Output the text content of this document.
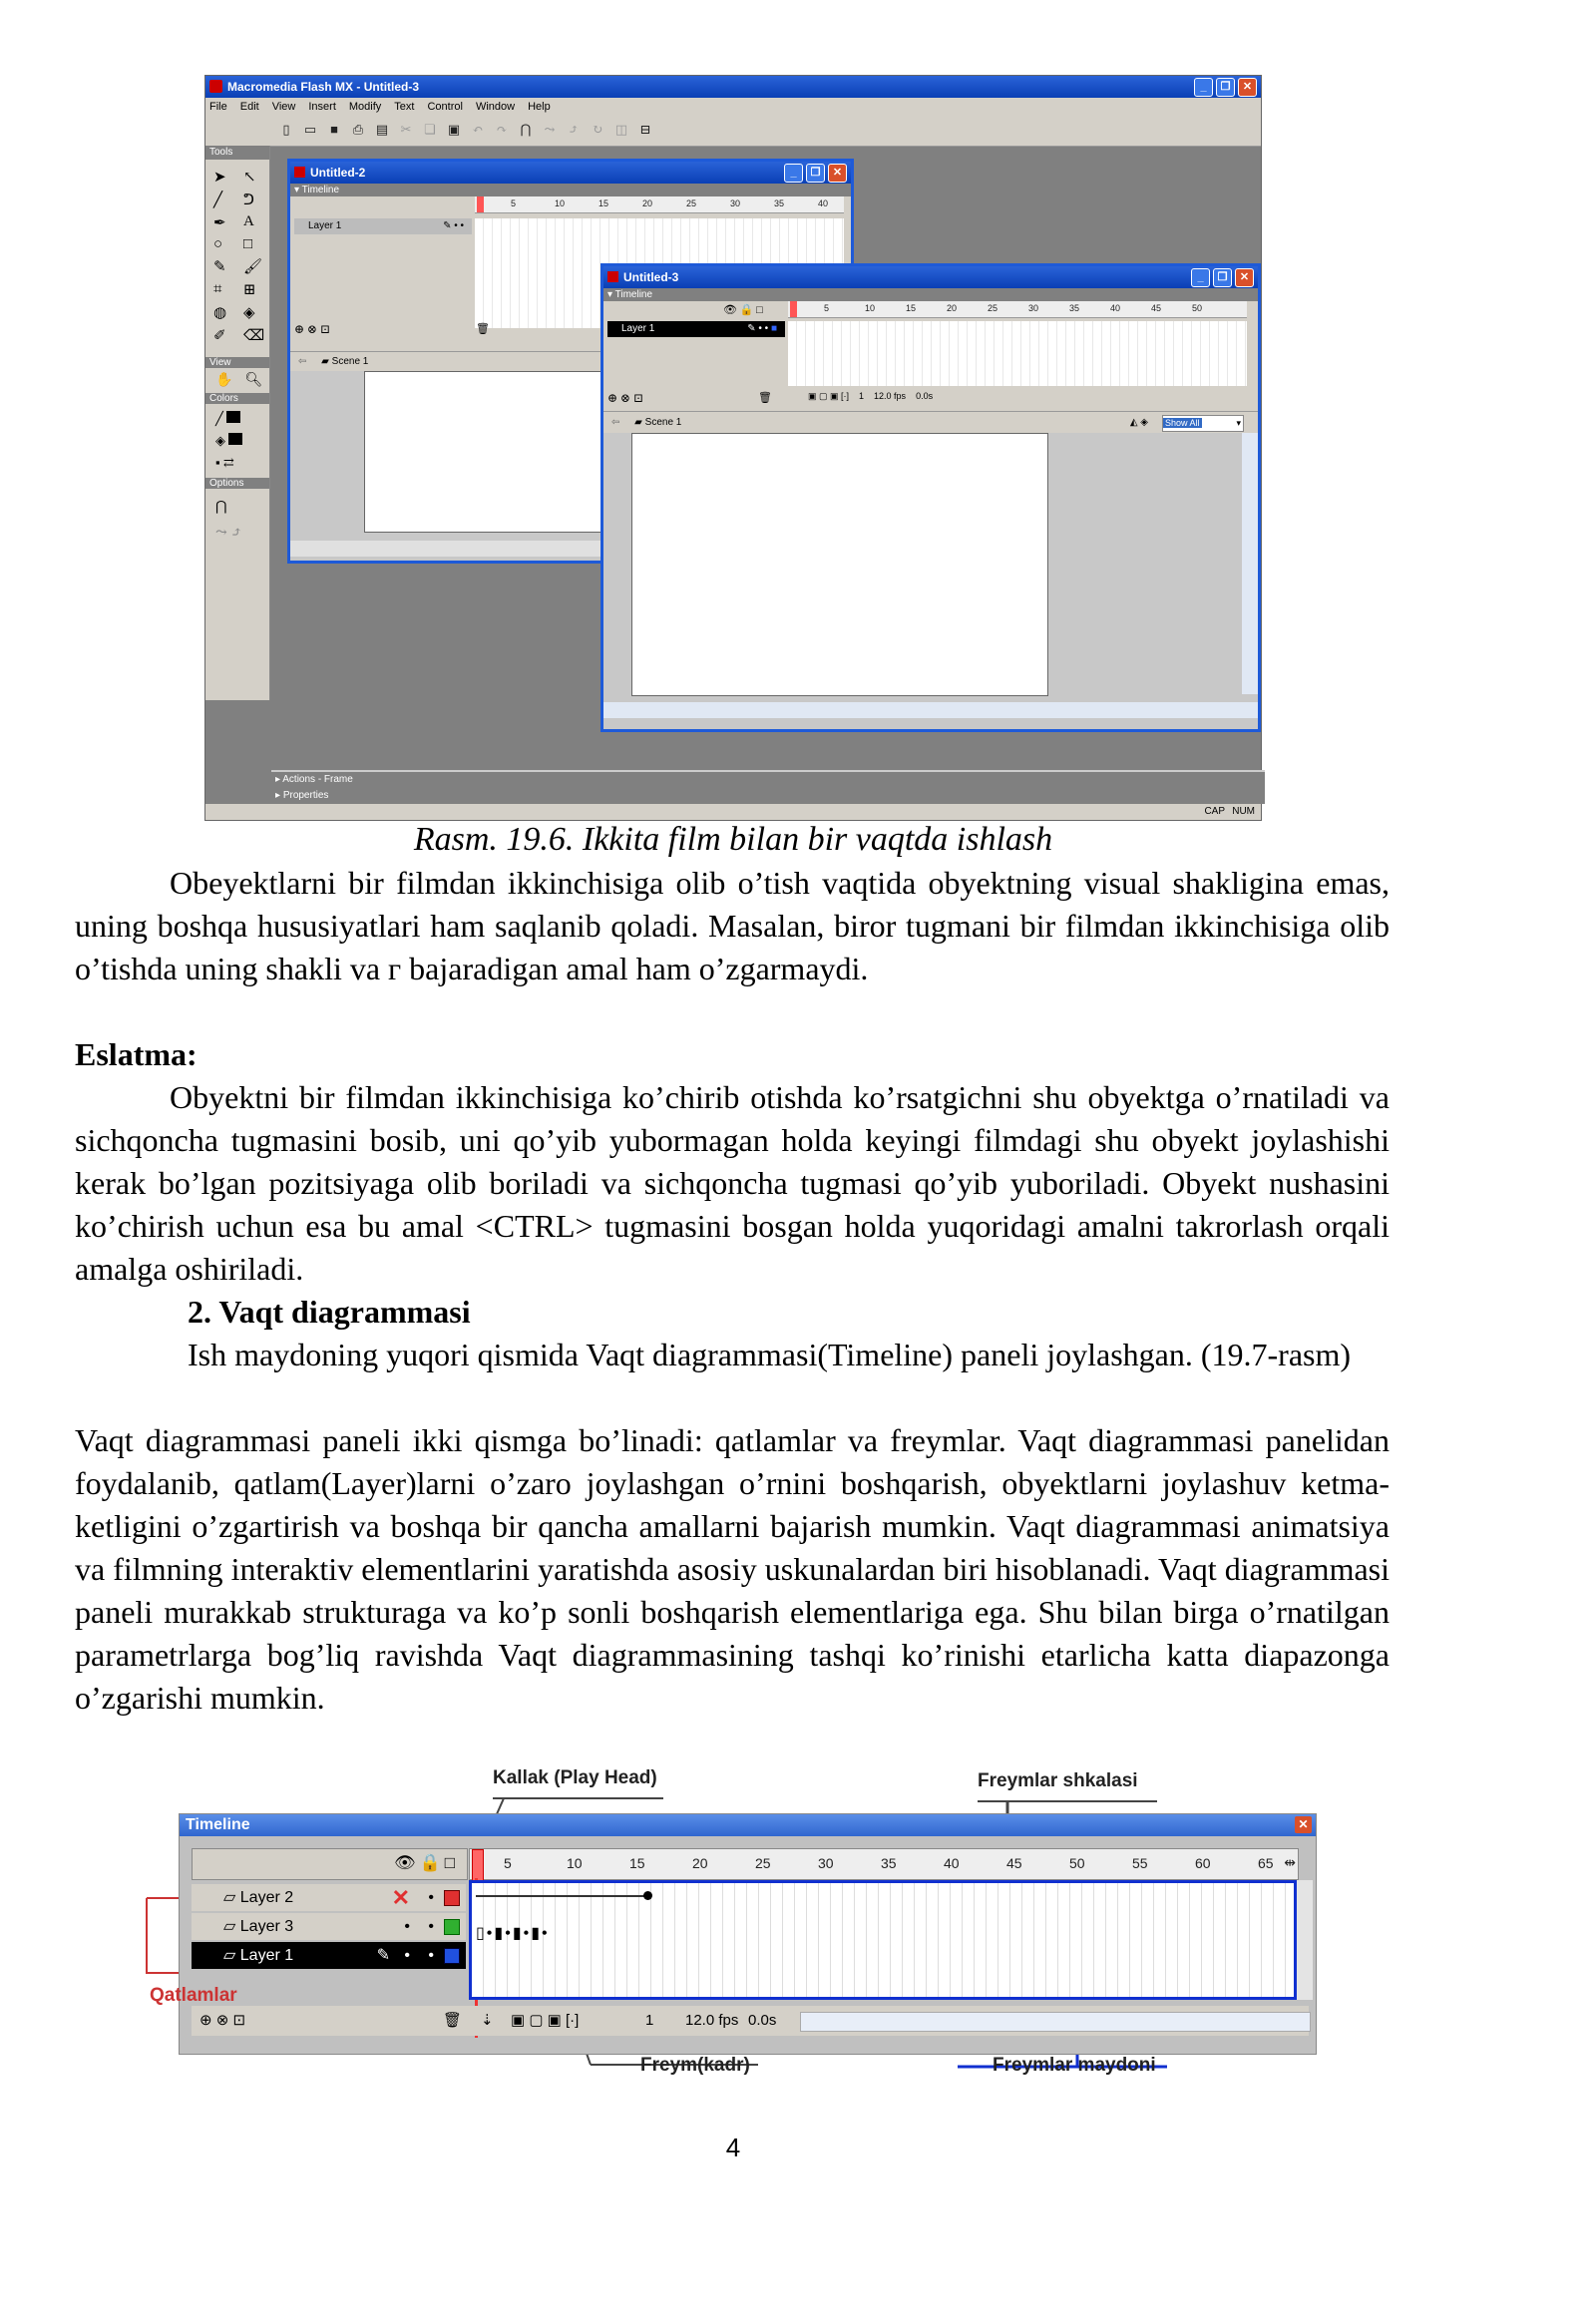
Macromedia Flash MX - Untitled-3	_	❐	✕
File Edit View Insert Modify Text Control Window Help
▯	▭	■	⎙ ▤ ✂ ❏ ▣ ↶ ↷ ⋂ ⤳ ⤴ ↻ ◫ ⊟
Tools
➤	↖
╱	ᕤ
✒	A
○	□
✎	🖌
⌗	⊞
◍	◈
✐	⌫
View
✋ 🔍︎
Colors
╱
◈
▪ ⇄
Options
⋂
⤳ ⤴
Untitled-2	_	❐	✕
▾ Timeline
5	10	15	20	25	30	35	40
Layer 1	✎ • •
⊕ ⊗ ⊡	🗑
⇦ ▰ Scene 1
Untitled-3	_	❐	✕
▾ Timeline
👁 🔒 □	5	10	15	20	25	30	35	40	45	50
Layer 1	✎ • • ■
⊕ ⊗ ⊡	🗑	▣ ▢ ▣ [·] 1 12.0 fps 0.0s
⇦ ▰ Scene 1	Show All	▾
◭ ◈
▸ Actions - Frame
▸ Properties
CAP NUM
Rasm. 19.6. Ikkita film bilan bir vaqtda ishlash

Obeyektlarni bir filmdan ikkinchisiga olib o’tish vaqtida obyektning visual shakligina emas, uning boshqa hususiyatlari ham saqlanib qoladi. Masalan, biror tugmani bir filmdan ikkinchisiga olib o’tishda uning shakli va г bajaradigan amal ham o’zgarmaydi.

Eslatma:

Obyektni bir filmdan ikkinchisiga ko’chirib otishda ko’rsatgichni shu obyektga o’rnatiladi va sichqoncha tugmasini bosib, uni qo’yib yubormagan holda keyingi filmdagi shu obyekt joylashishi kerak bo’lgan pozitsiyaga olib boriladi va sichqoncha tugmasi qo’yib yuboriladi. Obyekt nushasini ko’chirish uchun esa bu amal <CTRL> tugmasini bosgan holda yuqoridagi amalni takrorlash orqali amalga oshiriladi.

2. Vaqt diagrammasi

Ish maydoning yuqori qismida Vaqt diagrammasi(Timeline) paneli joylashgan. (19.7-rasm)

Vaqt diagrammasi paneli ikki qismga bo’linadi: qatlamlar va freymlar. Vaqt diagrammasi panelidan foydalanib, qatlam(Layer)larni o’zaro joylashgan o’rnini boshqarish, obyektlarni joylashuv ketma-ketligini o’zgartirish va boshqa bir qancha amallarni bajarish mumkin. Vaqt diagrammasi animatsiya va filmning interaktiv elementlarini yaratishda asosiy uskunalardan biri hisoblanadi. Vaqt diagrammasi paneli murakkab strukturaga va ko’p sonli boshqarish elementlariga ega. Shu bilan birga o’rnatilgan parametrlarga bog’liq ravishda Vaqt diagrammasining tashqi ko’rinishi etarlicha katta diapazonga o’zgarishi mumkin.

Kallak (Play Head)	Freymlar shkalasi
Timeline	✕
👁🔒□	5	10	15	20	25	30	35	40	45	50	55	60	65 ⇹
▱ Layer 2	✕ •
▱ Layer 3	• •
▱ Layer 1	✎ • •
▯•▮•▮•▮•
⊕ ⊗ ⊡	🗑 ⇣ ▣ ▢ ▣ [·]	1 12.0 fps 0.0s
Qatlamlar
Freym(kadr)	Freymlar maydoni
4
